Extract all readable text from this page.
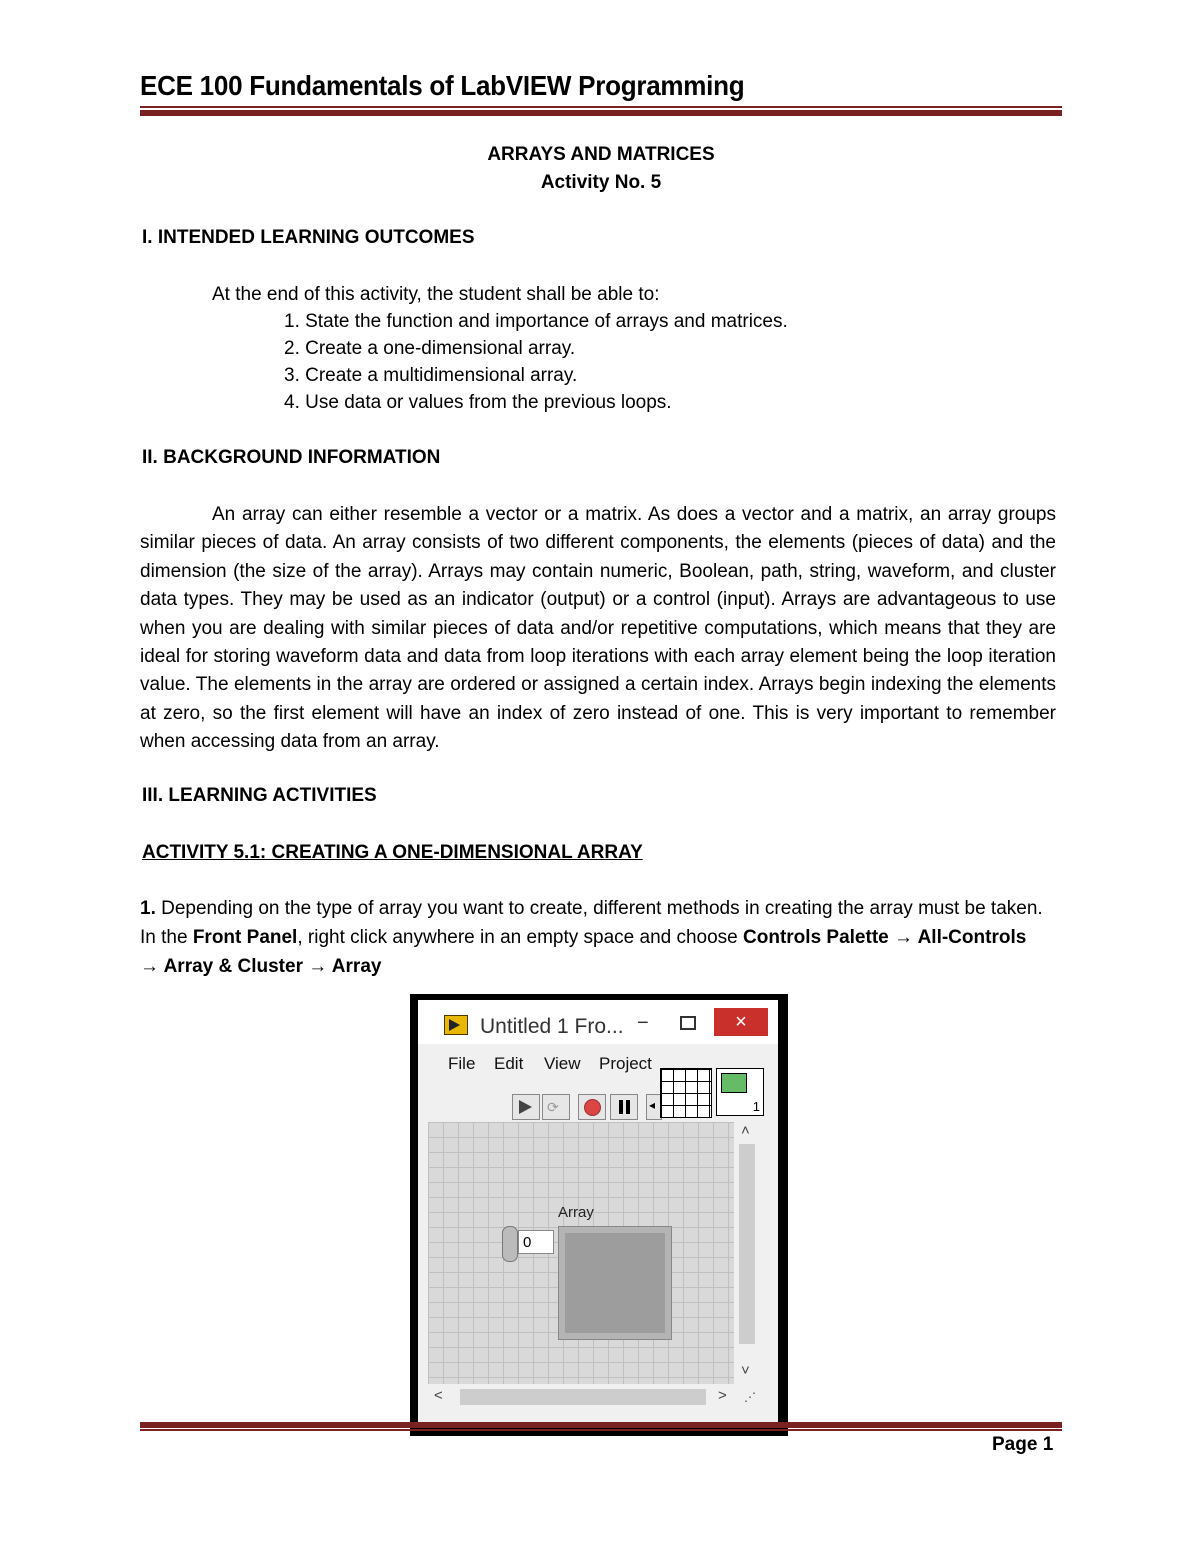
ECE 100 Fundamentals of LabVIEW Programming
ARRAYS AND MATRICES
Activity No. 5
I. INTENDED LEARNING OUTCOMES
At the end of this activity, the student shall be able to:
1. State the function and importance of arrays and matrices.
2. Create a one-dimensional array.
3. Create a multidimensional array.
4. Use data or values from the previous loops.
II. BACKGROUND INFORMATION
An array can either resemble a vector or a matrix. As does a vector and a matrix, an array groups similar pieces of data. An array consists of two different components, the elements (pieces of data) and the dimension (the size of the array). Arrays may contain numeric, Boolean, path, string, waveform, and cluster data types. They may be used as an indicator (output) or a control (input). Arrays are advantageous to use when you are dealing with similar pieces of data and/or repetitive computations, which means that they are ideal for storing waveform data and data from loop iterations with each array element being the loop iteration value. The elements in the array are ordered or assigned a certain index. Arrays begin indexing the elements at zero, so the first element will have an index of zero instead of one. This is very important to remember when accessing data from an array.
III. LEARNING ACTIVITIES
ACTIVITY 5.1: CREATING A ONE-DIMENSIONAL ARRAY
1. Depending on the type of array you want to create, different methods in creating the array must be taken. In the Front Panel, right click anywhere in an empty space and choose Controls Palette → All-Controls
→ Array & Cluster → Array
Untitled 1 Fro... −	×
File Edit View Project
⟳	◂	1
Array
0
˄
˅
<	> ⋰
Page 1
